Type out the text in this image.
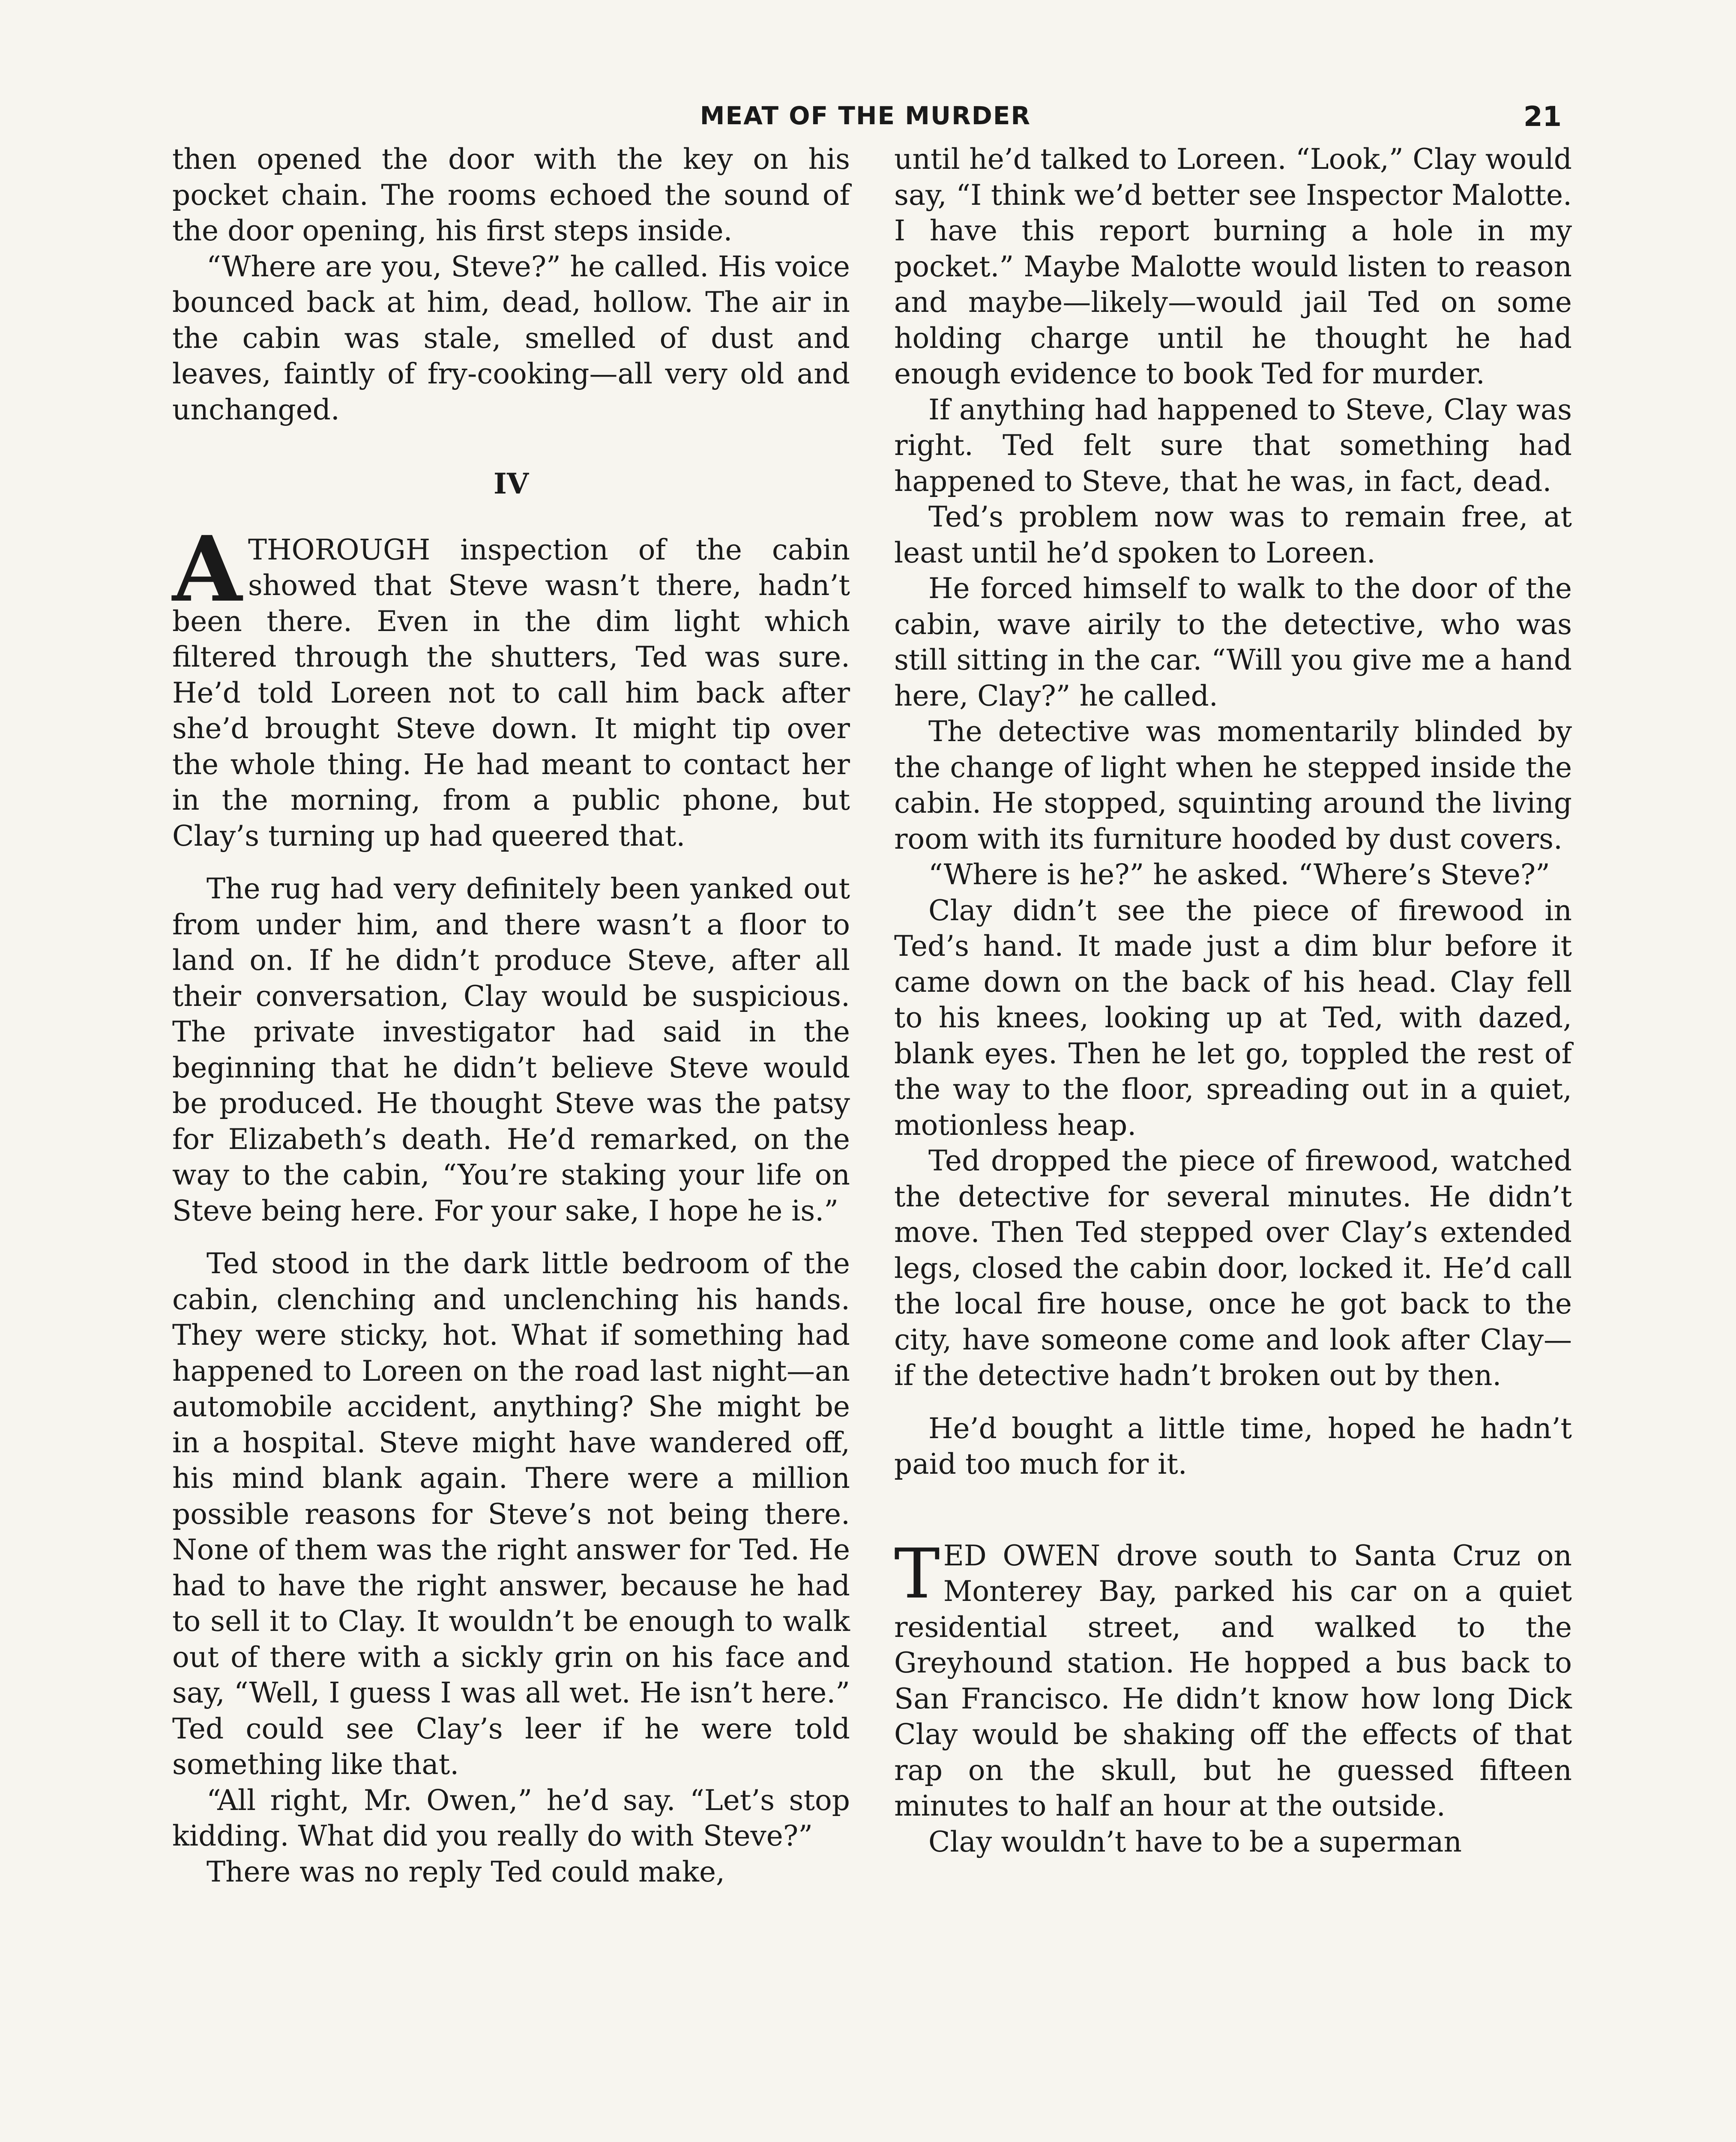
MEAT OF THE MURDER	21

then opened the door with the key on his pocket chain. The rooms echoed the sound of the door opening, his first steps inside.

“Where are you, Steve?” he called. His voice bounced back at him, dead, hollow. The air in the cabin was stale, smelled of dust and leaves, faintly of fry-cooking—all very old and unchanged.

IV

ATHOROUGH inspection of the cabin showed that Steve wasn’t there, hadn’t been there. Even in the dim light which filtered through the shutters, Ted was sure. He’d told Loreen not to call him back after she’d brought Steve down. It might tip over the whole thing. He had meant to contact her in the morning, from a public phone, but Clay’s turning up had queered that.

The rug had very definitely been yanked out from under him, and there wasn’t a floor to land on. If he didn’t produce Steve, after all their conversation, Clay would be suspicious. The private investigator had said in the beginning that he didn’t believe Steve would be produced. He thought Steve was the patsy for Elizabeth’s death. He’d remarked, on the way to the cabin, “You’re staking your life on Steve being here. For your sake, I hope he is.”

Ted stood in the dark little bedroom of the cabin, clenching and unclenching his hands. They were sticky, hot. What if something had happened to Loreen on the road last night—an automobile accident, anything? She might be in a hospital. Steve might have wandered off, his mind blank again. There were a million possible reasons for Steve’s not being there. None of them was the right answer for Ted. He had to have the right answer, because he had to sell it to Clay. It wouldn’t be enough to walk out of there with a sickly grin on his face and say, “Well, I guess I was all wet. He isn’t here.” Ted could see Clay’s leer if he were told something like that.

“All right, Mr. Owen,” he’d say. “Let’s stop kidding. What did you really do with Steve?”

There was no reply Ted could make,

until he’d talked to Loreen. “Look,” Clay would say, “I think we’d better see Inspector Malotte. I have this report burning a hole in my pocket.” Maybe Malotte would listen to reason and maybe—likely—would jail Ted on some holding charge until he thought he had enough evidence to book Ted for murder.

If anything had happened to Steve, Clay was right. Ted felt sure that something had happened to Steve, that he was, in fact, dead.

Ted’s problem now was to remain free, at least until he’d spoken to Loreen.

He forced himself to walk to the door of the cabin, wave airily to the detective, who was still sitting in the car. “Will you give me a hand here, Clay?” he called.

The detective was momentarily blinded by the change of light when he stepped inside the cabin. He stopped, squinting around the living room with its furniture hooded by dust covers.

“Where is he?” he asked. “Where’s Steve?”

Clay didn’t see the piece of firewood in Ted’s hand. It made just a dim blur before it came down on the back of his head. Clay fell to his knees, looking up at Ted, with dazed, blank eyes. Then he let go, toppled the rest of the way to the floor, spreading out in a quiet, motionless heap.

Ted dropped the piece of firewood, watched the detective for several minutes. He didn’t move. Then Ted stepped over Clay’s extended legs, closed the cabin door, locked it. He’d call the local fire house, once he got back to the city, have someone come and look after Clay—if the detective hadn’t broken out by then.

He’d bought a little time, hoped he hadn’t paid too much for it.

TED OWEN drove south to Santa Cruz on Monterey Bay, parked his car on a quiet residential street, and walked to the Greyhound station. He hopped a bus back to San Francisco. He didn’t know how long Dick Clay would be shaking off the effects of that rap on the skull, but he guessed fifteen minutes to half an hour at the outside.

Clay wouldn’t have to be a superman
